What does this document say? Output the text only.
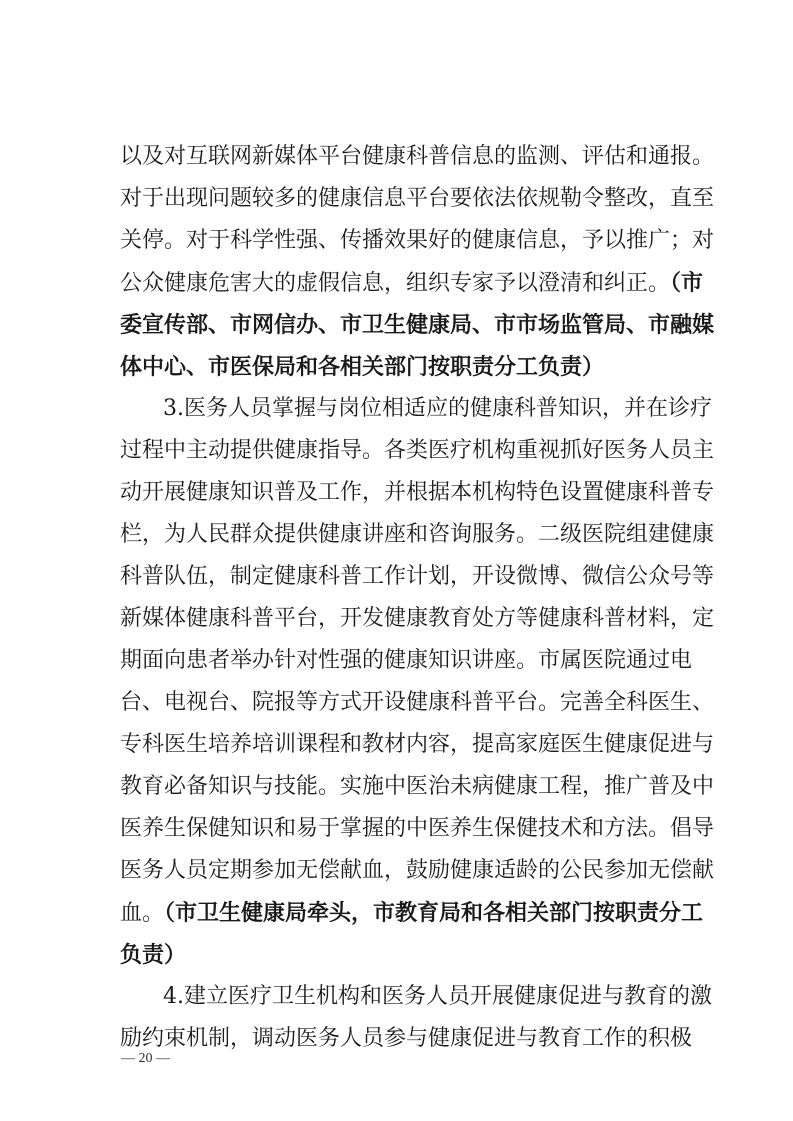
以及对互联网新媒体平台健康科普信息的监测、评估和通报。
对于出现问题较多的健康信息平台要依法依规勒令整改，直至
关停。对于科学性强、传播效果好的健康信息，予以推广；对
公众健康危害大的虚假信息，组织专家予以澄清和纠正。（市
委宣传部、市网信办、市卫生健康局、市市场监管局、市融媒
体中心、市医保局和各相关部门按职责分工负责）
3.医务人员掌握与岗位相适应的健康科普知识，并在诊疗
过程中主动提供健康指导。各类医疗机构重视抓好医务人员主
动开展健康知识普及工作，并根据本机构特色设置健康科普专
栏，为人民群众提供健康讲座和咨询服务。二级医院组建健康
科普队伍，制定健康科普工作计划，开设微博、微信公众号等
新媒体健康科普平台，开发健康教育处方等健康科普材料，定
期面向患者举办针对性强的健康知识讲座。市属医院通过电
台、电视台、院报等方式开设健康科普平台。完善全科医生、
专科医生培养培训课程和教材内容，提高家庭医生健康促进与
教育必备知识与技能。实施中医治未病健康工程，推广普及中
医养生保健知识和易于掌握的中医养生保健技术和方法。倡导
医务人员定期参加无偿献血，鼓励健康适龄的公民参加无偿献
血。（市卫生健康局牵头，市教育局和各相关部门按职责分工
负责）
4.建立医疗卫生机构和医务人员开展健康促进与教育的激
励约束机制，调动医务人员参与健康促进与教育工作的积极
— 20 —
